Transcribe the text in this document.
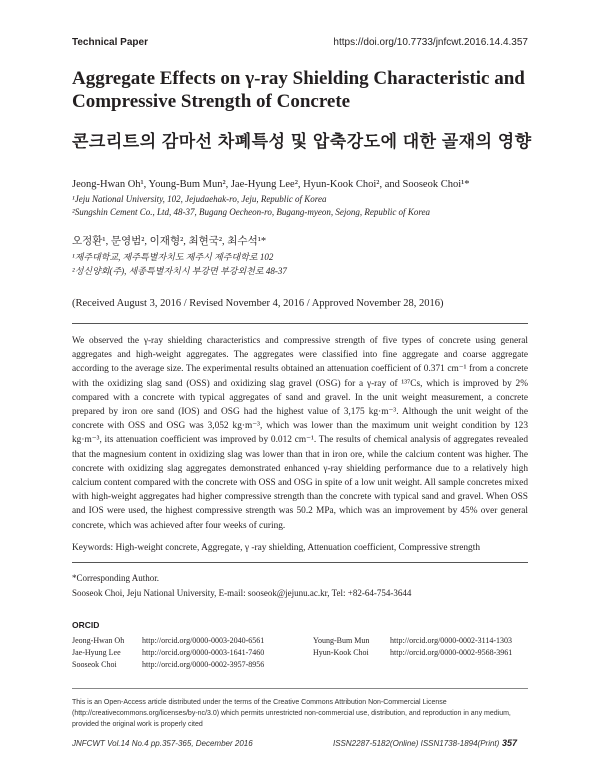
Technical Paper	https://doi.org/10.7733/jnfcwt.2016.14.4.357
Aggregate Effects on γ-ray Shielding Characteristic and Compressive Strength of Concrete
콘크리트의 감마선 차폐특성 및 압축강도에 대한 골재의 영향
Jeong-Hwan Oh¹, Young-Bum Mun², Jae-Hyung Lee², Hyun-Kook Choi², and Sooseok Choi¹*
¹Jeju National University, 102, Jejudaehak-ro, Jeju, Republic of Korea
²Sungshin Cement Co., Ltd, 48-37, Bugang Oecheon-ro, Bugang-myeon, Sejong, Republic of Korea
오정환¹, 문영범², 이재형², 최현국², 최수석¹*
¹제주대학교, 제주특별자치도 제주시 제주대학로 102
²성신양회(주), 세종특별자치시 부강면 부강외천로 48-37
(Received August 3, 2016 / Revised November 4, 2016 / Approved November 28, 2016)

We observed the γ-ray shielding characteristics and compressive strength of five types of concrete using general aggregates and high-weight aggregates. The aggregates were classified into fine aggregate and coarse aggregate according to the average size. The experimental results obtained an attenuation coefficient of 0.371 cm⁻¹ from a concrete with the oxidizing slag sand (OSS) and oxidizing slag gravel (OSG) for a γ-ray of ¹³⁷Cs, which is improved by 2% compared with a concrete with typical aggregates of sand and gravel. In the unit weight measurement, a concrete prepared by iron ore sand (IOS) and OSG had the highest value of 3,175 kg·m⁻³. Although the unit weight of the concrete with OSS and OSG was 3,052 kg·m⁻³, which was lower than the maximum unit weight condition by 123 kg·m⁻³, its attenuation coefficient was improved by 0.012 cm⁻¹. The results of chemical analysis of aggregates revealed that the magnesium content in oxidizing slag was lower than that in iron ore, while the calcium content was higher. The concrete with oxidizing slag aggregates demonstrated enhanced γ-ray shielding performance due to a relatively high calcium content compared with the concrete with OSS and OSG in spite of a low unit weight. All sample concretes mixed with high-weight aggregates had higher compressive strength than the concrete with typical sand and gravel. When OSS and IOS were used, the highest compressive strength was 50.2 MPa, which was an improvement by 45% over general concrete, which was achieved after four weeks of curing.

Keywords: High-weight concrete, Aggregate, γ -ray shielding, Attenuation coefficient, Compressive strength
*Corresponding Author.
Sooseok Choi, Jeju National University, E-mail: sooseok@jejunu.ac.kr, Tel: +82-64-754-3644
ORCID
Jeong-Hwan Oh http://orcid.org/0000-0003-2040-6561	Young-Bum Mun	http://orcid.org/0000-0002-3114-1303
Jae-Hyung Lee	http://orcid.org/0000-0003-1641-7460	Hyun-Kook Choi	http://orcid.org/0000-0002-9568-3961
Sooseok Choi	http://orcid.org/0000-0002-3957-8956
This is an Open-Access article distributed under the terms of the Creative Commons Attribution Non-Commercial License (http://creativecommons.org/licenses/by-nc/3.0) which permits unrestricted non-commercial use, distribution, and reproduction in any medium, provided the original work is properly cited
JNFCWT Vol.14 No.4 pp.357-365, December 2016	ISSN2287-5182(Online) ISSN1738-1894(Print) 357
